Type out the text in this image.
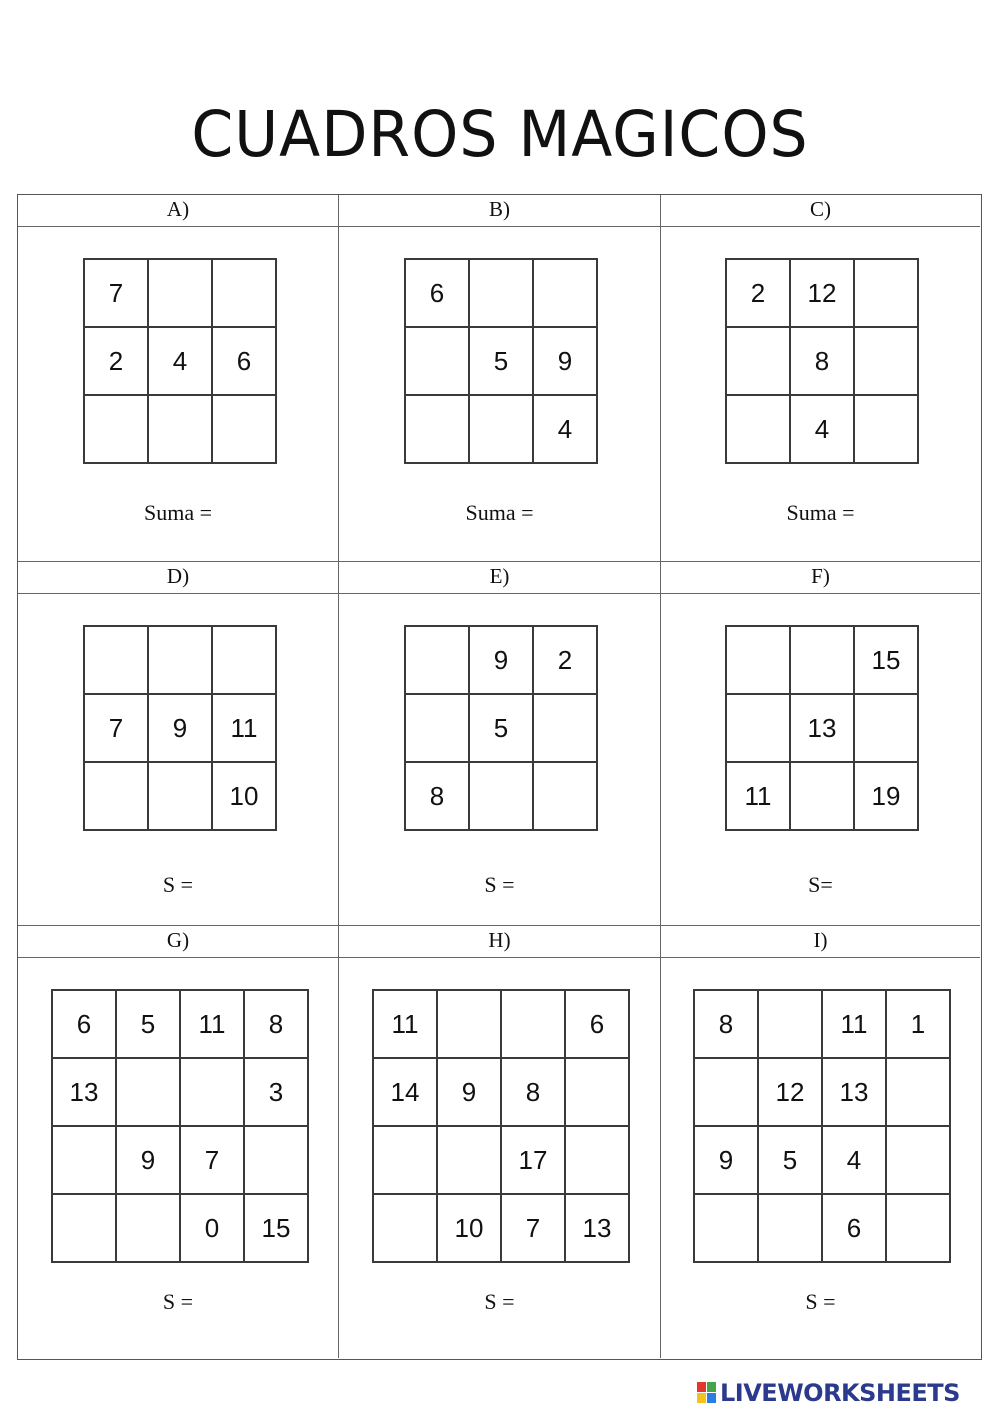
CUADROS MAGICOS
A)
7		
2	4	6

Suma =
B)
6		
	5	9
		4
Suma =
C)
2	12	
	8	
	4	
Suma =
D)

7	9	11
		10
S =
E)
	9	2
	5	
8		
S =
F)
		15
	13	
11		19
S=
G)
6	5	11	8
13			3
	9	7	
		0	15
S =
H)
11			6
14	9	8	
		17	
	10	7	13
S =
I)
8		11	1
	12	13	
9	5	4	
		6	
S =
LIVEWORKSHEETS
